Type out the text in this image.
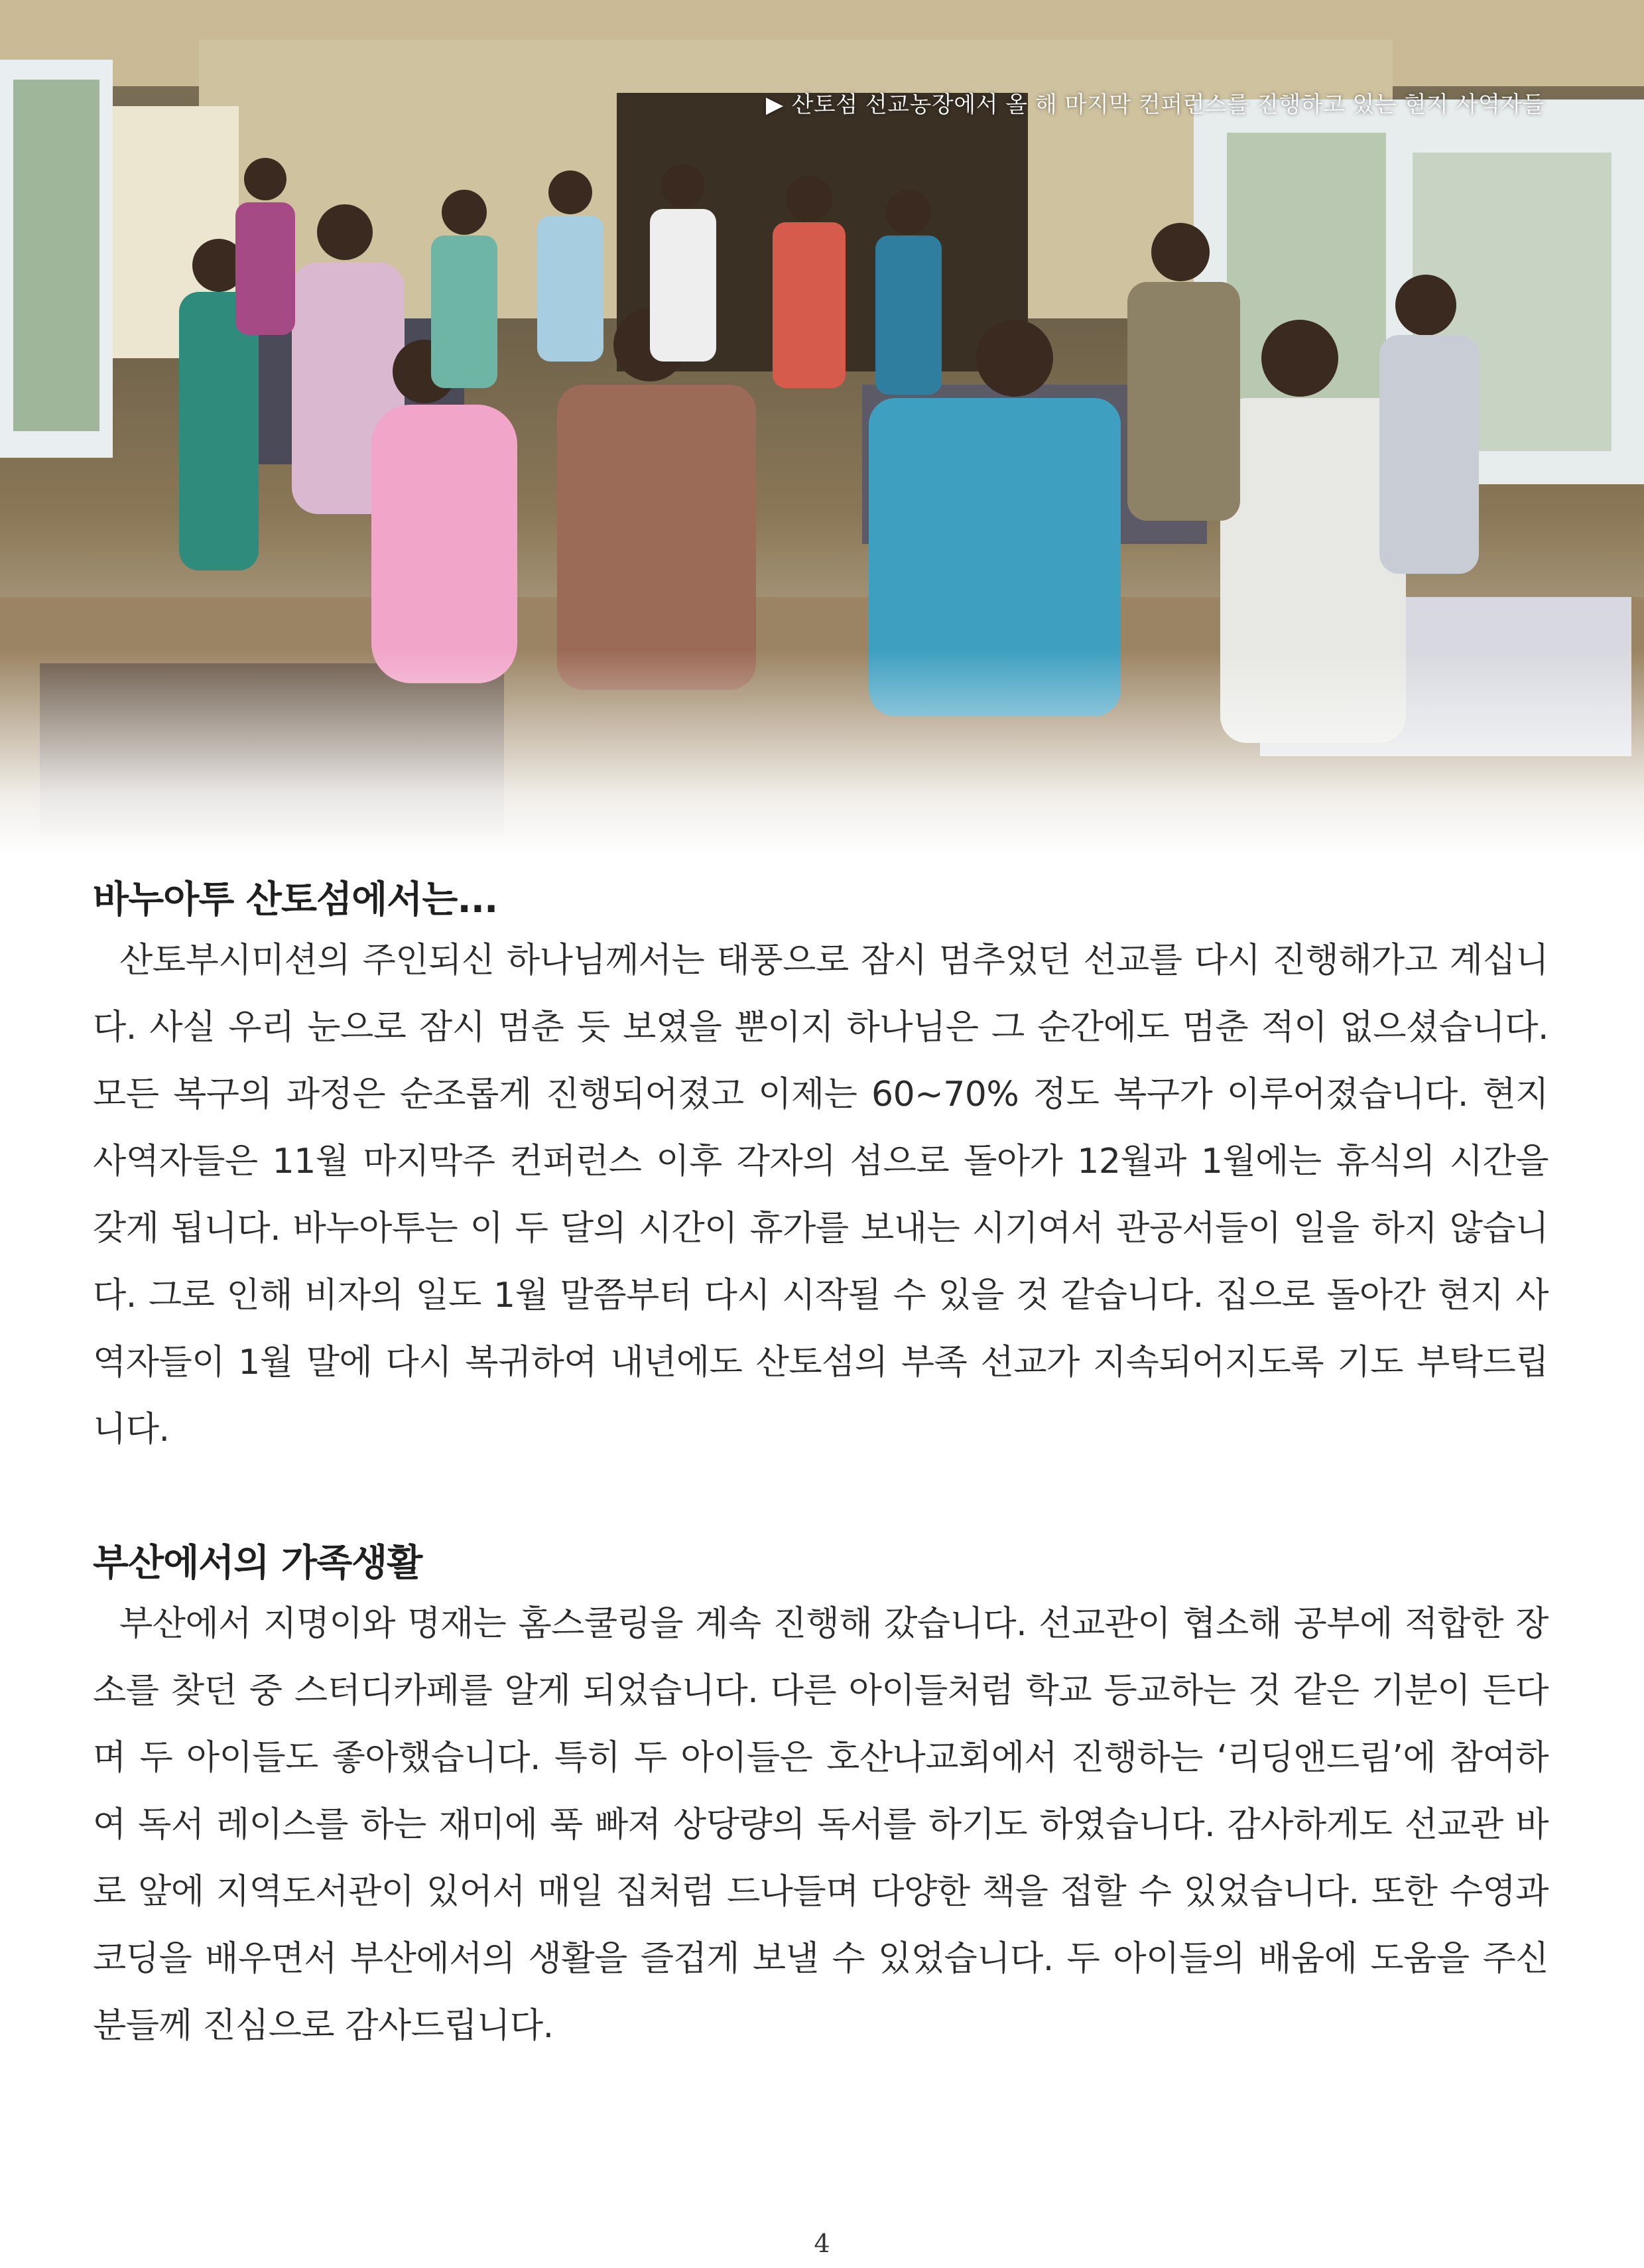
▶ 산토섬 선교농장에서 올 해 마지막 컨퍼런스를 진행하고 있는 현지 사역자들
바누아투 산토섬에서는...

산토부시미션의 주인되신 하나님께서는 태풍으로 잠시 멈추었던 선교를 다시 진행해가고 계십니다. 사실 우리 눈으로 잠시 멈춘 듯 보였을 뿐이지 하나님은 그 순간에도 멈춘 적이 없으셨습니다. 모든 복구의 과정은 순조롭게 진행되어졌고 이제는 60~70% 정도 복구가 이루어졌습니다. 현지 사역자들은 11월 마지막주 컨퍼런스 이후 각자의 섬으로 돌아가 12월과 1월에는 휴식의 시간을 갖게 됩니다. 바누아투는 이 두 달의 시간이 휴가를 보내는 시기여서 관공서들이 일을 하지 않습니다. 그로 인해 비자의 일도 1월 말쯤부터 다시 시작될 수 있을 것 같습니다. 집으로 돌아간 현지 사역자들이 1월 말에 다시 복귀하여 내년에도 산토섬의 부족 선교가 지속되어지도록 기도 부탁드립니다.

부산에서의 가족생활

부산에서 지명이와 명재는 홈스쿨링을 계속 진행해 갔습니다. 선교관이 협소해 공부에 적합한 장소를 찾던 중 스터디카페를 알게 되었습니다. 다른 아이들처럼 학교 등교하는 것 같은 기분이 든다며 두 아이들도 좋아했습니다. 특히 두 아이들은 호산나교회에서 진행하는 ‘리딩앤드림’에 참여하여 독서 레이스를 하는 재미에 푹 빠져 상당량의 독서를 하기도 하였습니다. 감사하게도 선교관 바로 앞에 지역도서관이 있어서 매일 집처럼 드나들며 다양한 책을 접할 수 있었습니다. 또한 수영과 코딩을 배우면서 부산에서의 생활을 즐겁게 보낼 수 있었습니다. 두 아이들의 배움에 도움을 주신 분들께 진심으로 감사드립니다.

4
